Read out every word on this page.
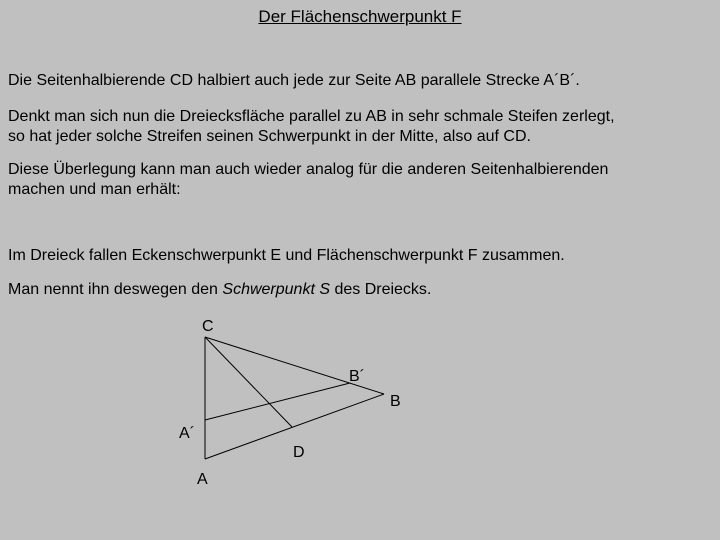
Der Flächenschwerpunkt F

Die Seitenhalbierende CD halbiert auch jede zur Seite AB parallele Strecke A´B´.

Denkt man sich nun die Dreiecksfläche parallel zu AB in sehr schmale Steifen zerlegt,
so hat jeder solche Streifen seinen Schwerpunkt in der Mitte, also auf CD.

Diese Überlegung kann man auch wieder analog für die anderen Seitenhalbierenden
machen und man erhält:

Im Dreieck fallen Eckenschwerpunkt E und Flächenschwerpunkt F zusammen.

Man nennt ihn deswegen den Schwerpunkt S des Dreiecks.

C
B´
B
A´
D
A
